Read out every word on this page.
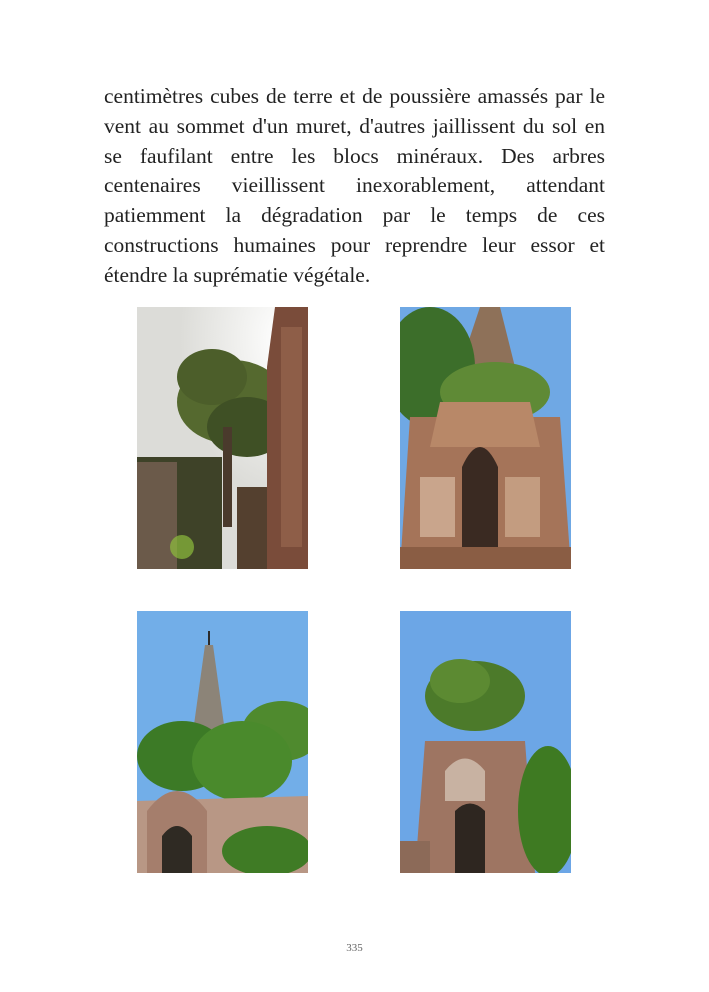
centimètres cubes de terre et de poussière amassés par le vent au sommet d'un muret, d'autres jaillissent du sol en se faufilant entre les blocs minéraux. Des arbres centenaires vieillissent inexorablement, attendant patiemment la dégradation par le temps de ces constructions humaines pour reprendre leur essor et étendre la suprématie végétale.

335
